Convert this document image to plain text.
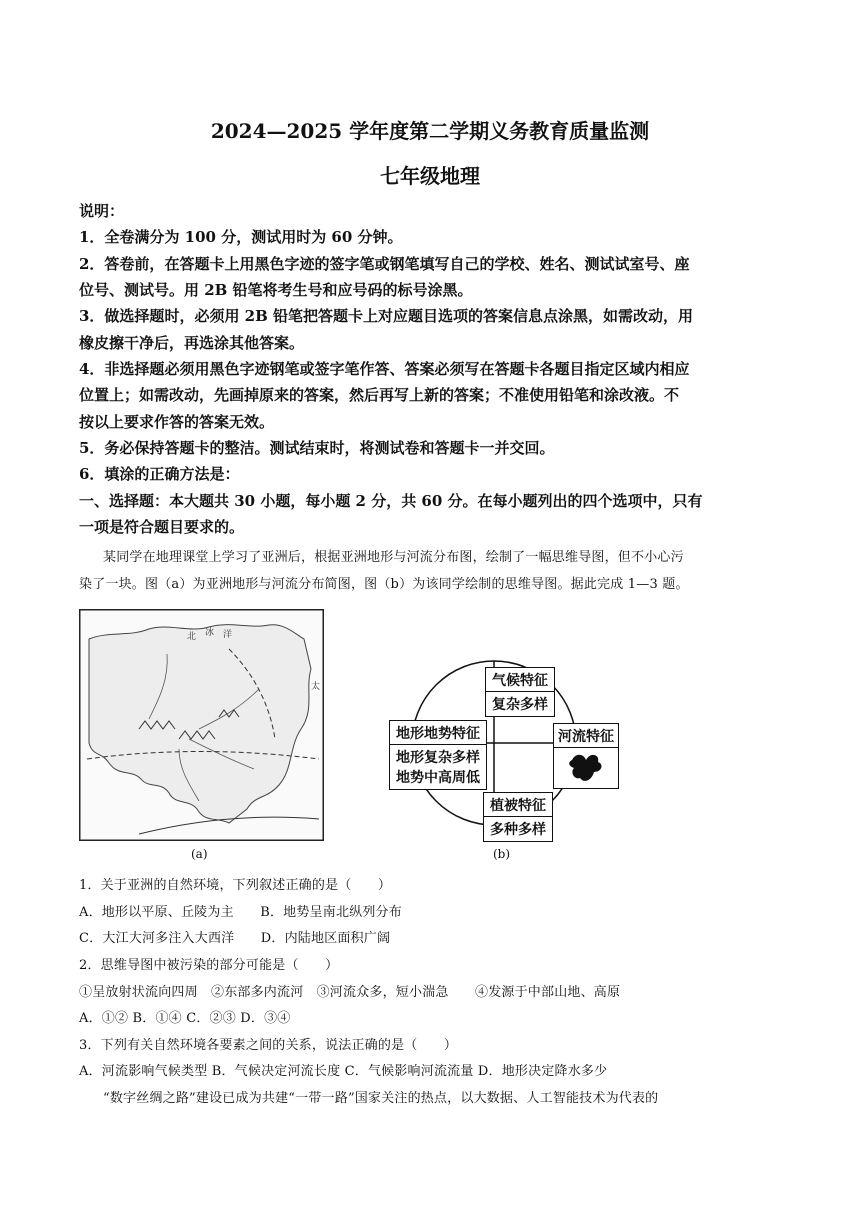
2024—2025 学年度第二学期义务教育质量监测
七年级地理
说明：
1．全卷满分为 100 分，测试用时为 60 分钟。
2．答卷前，在答题卡上用黑色字迹的签字笔或钢笔填写自己的学校、姓名、测试试室号、座
位号、测试号。用 2B 铅笔将考生号和应号码的标号涂黑。
3．做选择题时，必须用 2B 铅笔把答题卡上对应题目选项的答案信息点涂黑，如需改动，用
橡皮擦干净后，再选涂其他答案。
4．非选择题必须用黑色字迹钢笔或签字笔作答、答案必须写在答题卡各题目指定区域内相应
位置上；如需改动，先画掉原来的答案，然后再写上新的答案；不准使用铅笔和涂改液。不
按以上要求作答的答案无效。
5．务必保持答题卡的整洁。测试结束时，将测试卷和答题卡一并交回。
6．填涂的正确方法是：
一、选择题：本大题共 30 小题，每小题 2 分，共 60 分。在每小题列出的四个选项中，只有
一项是符合题目要求的。
某同学在地理课堂上学习了亚洲后，根据亚洲地形与河流分布图，绘制了一幅思维导图，但不小心污
染了一块。图（a）为亚洲地形与河流分布简图，图（b）为该同学绘制的思维导图。据此完成 1—3 题。
北 冰 洋
太
(a)
气候特征
复杂多样
地形地势特征
地形复杂多样
地势中高周低
河流特征
植被特征
多种多样
(b)
1．关于亚洲的自然环境，下列叙述正确的是（　　）
A．地形以平原、丘陵为主　　B．地势呈南北纵列分布
C．大江大河多注入大西洋　　D．内陆地区面积广阔
2．思维导图中被污染的部分可能是（　　）
①呈放射状流向四周　②东部多内流河　③河流众多，短小湍急　　④发源于中部山地、高原
A．①② B．①④ C．②③ D．③④
3．下列有关自然环境各要素之间的关系，说法正确的是（　　）
A．河流影响气候类型 B．气候决定河流长度 C．气候影响河流流量 D．地形决定降水多少
“数字丝绸之路”建设已成为共建“一带一路”国家关注的热点，以大数据、人工智能技术为代表的
